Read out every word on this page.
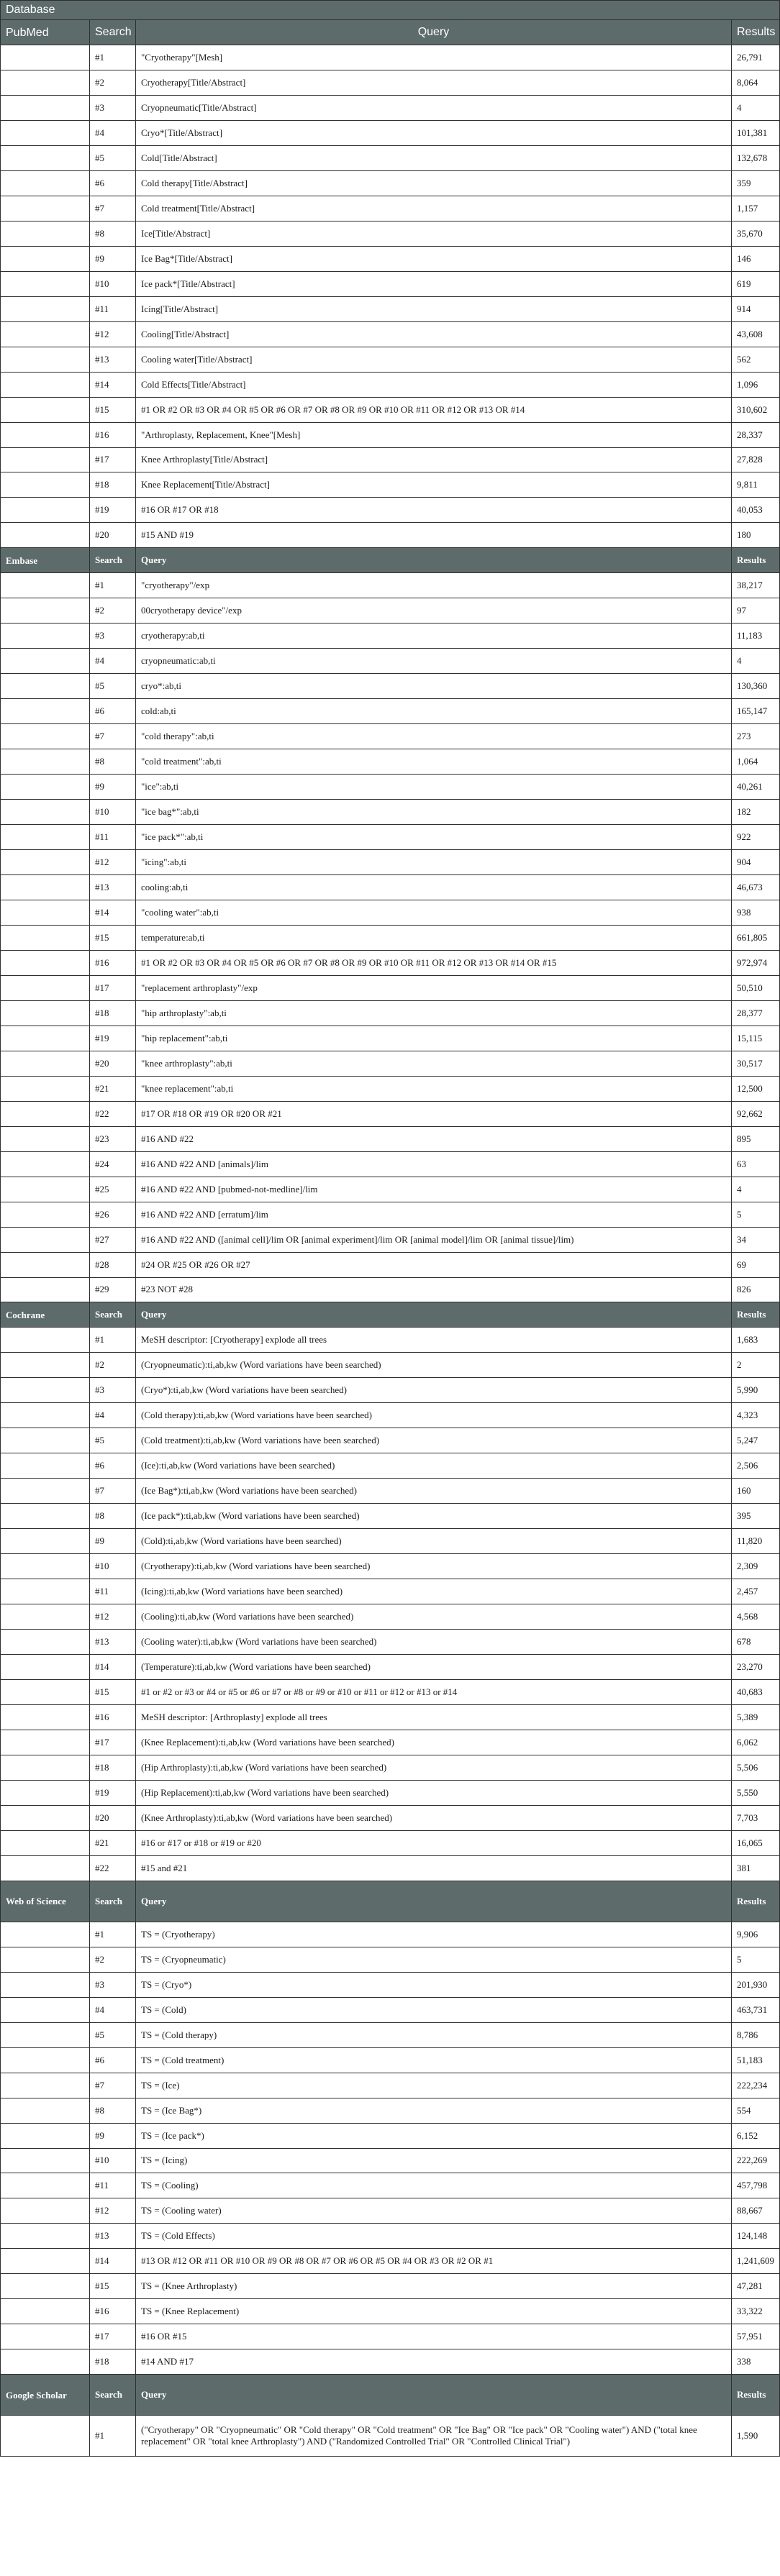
Database			
PubMed	Search	Query	Results
	#1	"Cryotherapy"[Mesh]	26,791
	#2	Cryotherapy[Title/Abstract]	8,064
	#3	Cryopneumatic[Title/Abstract]	4
	#4	Cryo*[Title/Abstract]	101,381
	#5	Cold[Title/Abstract]	132,678
	#6	Cold therapy[Title/Abstract]	359
	#7	Cold treatment[Title/Abstract]	1,157
	#8	Ice[Title/Abstract]	35,670
	#9	Ice Bag*[Title/Abstract]	146
	#10	Ice pack*[Title/Abstract]	619
	#11	Icing[Title/Abstract]	914
	#12	Cooling[Title/Abstract]	43,608
	#13	Cooling water[Title/Abstract]	562
	#14	Cold Effects[Title/Abstract]	1,096
	#15	#1 OR #2 OR #3 OR #4 OR #5 OR #6 OR #7 OR #8 OR #9 OR #10 OR #11 OR #12 OR #13 OR #14	310,602
	#16	"Arthroplasty, Replacement, Knee"[Mesh]	28,337
	#17	Knee Arthroplasty[Title/Abstract]	27,828
	#18	Knee Replacement[Title/Abstract]	9,811
	#19	#16 OR #17 OR #18	40,053
	#20	#15 AND #19	180
Embase	Search	Query	Results
	#1	"cryotherapy"/exp	38,217
	#2	00cryotherapy device"/exp	97
	#3	cryotherapy:ab,ti	11,183
	#4	cryopneumatic:ab,ti	4
	#5	cryo*:ab,ti	130,360
	#6	cold:ab,ti	165,147
	#7	"cold therapy":ab,ti	273
	#8	"cold treatment":ab,ti	1,064
	#9	"ice":ab,ti	40,261
	#10	"ice bag*":ab,ti	182
	#11	"ice pack*":ab,ti	922
	#12	"icing":ab,ti	904
	#13	cooling:ab,ti	46,673
	#14	"cooling water":ab,ti	938
	#15	temperature:ab,ti	661,805
	#16	#1 OR #2 OR #3 OR #4 OR #5 OR #6 OR #7 OR #8 OR #9 OR #10 OR #11 OR #12 OR #13 OR #14 OR #15	972,974
	#17	"replacement arthroplasty"/exp	50,510
	#18	"hip arthroplasty":ab,ti	28,377
	#19	"hip replacement":ab,ti	15,115
	#20	"knee arthroplasty":ab,ti	30,517
	#21	"knee replacement":ab,ti	12,500
	#22	#17 OR #18 OR #19 OR #20 OR #21	92,662
	#23	#16 AND #22	895
	#24	#16 AND #22 AND [animals]/lim	63
	#25	#16 AND #22 AND [pubmed-not-medline]/lim	4
	#26	#16 AND #22 AND [erratum]/lim	5
	#27	#16 AND #22 AND ([animal cell]/lim OR [animal experiment]/lim OR [animal model]/lim OR [animal tissue]/lim)	34
	#28	#24 OR #25 OR #26 OR #27	69
	#29	#23 NOT #28	826
Cochrane	Search	Query	Results
	#1	MeSH descriptor: [Cryotherapy] explode all trees	1,683
	#2	(Cryopneumatic):ti,ab,kw (Word variations have been searched)	2
	#3	(Cryo*):ti,ab,kw (Word variations have been searched)	5,990
	#4	(Cold therapy):ti,ab,kw (Word variations have been searched)	4,323
	#5	(Cold treatment):ti,ab,kw (Word variations have been searched)	5,247
	#6	(Ice):ti,ab,kw (Word variations have been searched)	2,506
	#7	(Ice Bag*):ti,ab,kw (Word variations have been searched)	160
	#8	(Ice pack*):ti,ab,kw (Word variations have been searched)	395
	#9	(Cold):ti,ab,kw (Word variations have been searched)	11,820
	#10	(Cryotherapy):ti,ab,kw (Word variations have been searched)	2,309
	#11	(Icing):ti,ab,kw (Word variations have been searched)	2,457
	#12	(Cooling):ti,ab,kw (Word variations have been searched)	4,568
	#13	(Cooling water):ti,ab,kw (Word variations have been searched)	678
	#14	(Temperature):ti,ab,kw (Word variations have been searched)	23,270
	#15	#1 or #2 or #3 or #4 or #5 or #6 or #7 or #8 or #9 or #10 or #11 or #12 or #13 or #14	40,683
	#16	MeSH descriptor: [Arthroplasty] explode all trees	5,389
	#17	(Knee Replacement):ti,ab,kw (Word variations have been searched)	6,062
	#18	(Hip Arthroplasty):ti,ab,kw (Word variations have been searched)	5,506
	#19	(Hip Replacement):ti,ab,kw (Word variations have been searched)	5,550
	#20	(Knee Arthroplasty):ti,ab,kw (Word variations have been searched)	7,703
	#21	#16 or #17 or #18 or #19 or #20	16,065
	#22	#15 and #21	381
Web of Science	Search	Query	Results
	#1	TS = (Cryotherapy)	9,906
	#2	TS = (Cryopneumatic)	5
	#3	TS = (Cryo*)	201,930
	#4	TS = (Cold)	463,731
	#5	TS = (Cold therapy)	8,786
	#6	TS = (Cold treatment)	51,183
	#7	TS = (Ice)	222,234
	#8	TS = (Ice Bag*)	554
	#9	TS = (Ice pack*)	6,152
	#10	TS = (Icing)	222,269
	#11	TS = (Cooling)	457,798
	#12	TS = (Cooling water)	88,667
	#13	TS = (Cold Effects)	124,148
	#14	#13 OR #12 OR #11 OR #10 OR #9 OR #8 OR #7 OR #6 OR #5 OR #4 OR #3 OR #2 OR #1	1,241,609
	#15	TS = (Knee Arthroplasty)	47,281
	#16	TS = (Knee Replacement)	33,322
	#17	#16 OR #15	57,951
	#18	#14 AND #17	338
Google Scholar	Search	Query	Results
	#1	("Cryotherapy" OR "Cryopneumatic" OR "Cold therapy" OR "Cold treatment" OR "Ice Bag" OR "Ice pack" OR "Cooling water") AND ("total knee replacement" OR "total knee Arthroplasty") AND ("Randomized Controlled Trial" OR "Controlled Clinical Trial")	1,590
